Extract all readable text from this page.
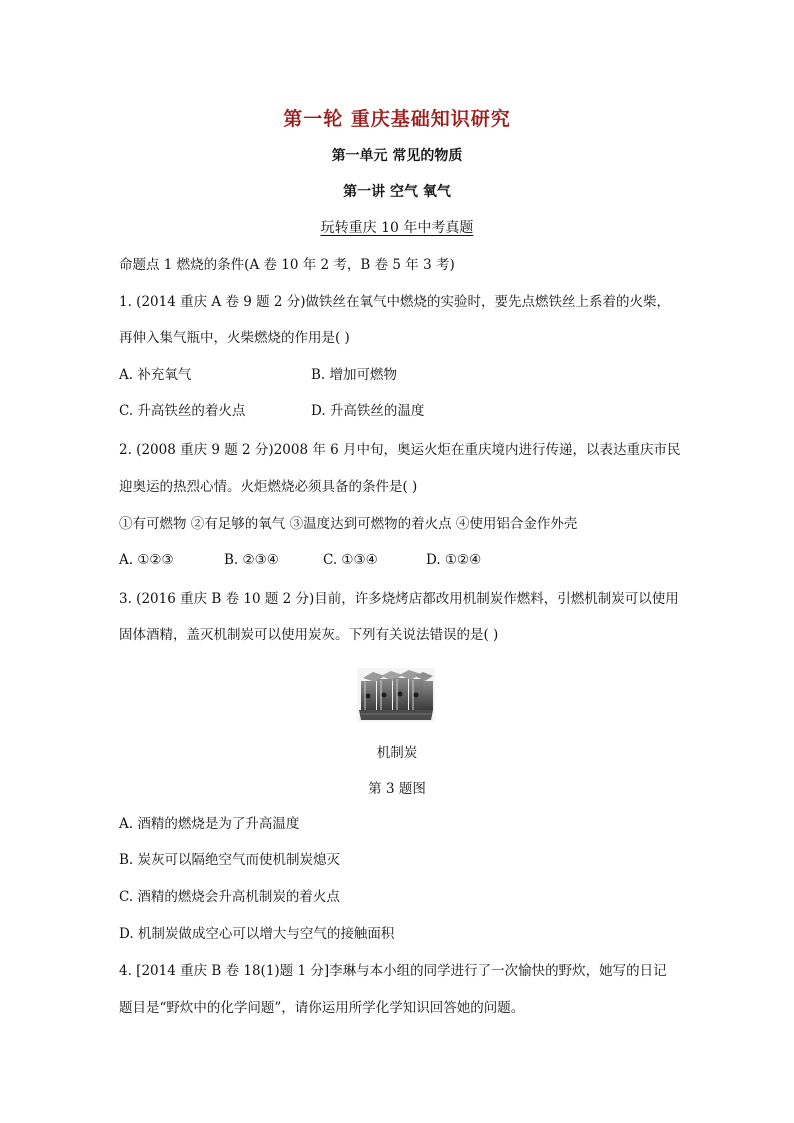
第一轮 重庆基础知识研究
第一单元 常见的物质
第一讲 空气 氧气
玩转重庆 10 年中考真题
命题点 1 燃烧的条件(A 卷 10 年 2 考，B 卷 5 年 3 考)
1. (2014 重庆 A 卷 9 题 2 分)做铁丝在氧气中燃烧的实验时，要先点燃铁丝上系着的火柴，
再伸入集气瓶中，火柴燃烧的作用是( )
A. 补充氧气	B. 增加可燃物
C. 升高铁丝的着火点	D. 升高铁丝的温度
2. (2008 重庆 9 题 2 分)2008 年 6 月中旬，奥运火炬在重庆境内进行传递，以表达重庆市民
迎奥运的热烈心情。火炬燃烧必须具备的条件是( )
①有可燃物 ②有足够的氧气 ③温度达到可燃物的着火点 ④使用铝合金作外壳
A. ①②③	B. ②③④	C. ①③④	D. ①②④
3. (2016 重庆 B 卷 10 题 2 分)目前，许多烧烤店都改用机制炭作燃料，引燃机制炭可以使用
固体酒精，盖灭机制炭可以使用炭灰。下列有关说法错误的是( )
机制炭
第 3 题图
A. 酒精的燃烧是为了升高温度
B. 炭灰可以隔绝空气而使机制炭熄灭
C. 酒精的燃烧会升高机制炭的着火点
D. 机制炭做成空心可以增大与空气的接触面积
4. [2014 重庆 B 卷 18(1)题 1 分]李琳与本小组的同学进行了一次愉快的野炊，她写的日记
题目是“野炊中的化学问题”，请你运用所学化学知识回答她的问题。
